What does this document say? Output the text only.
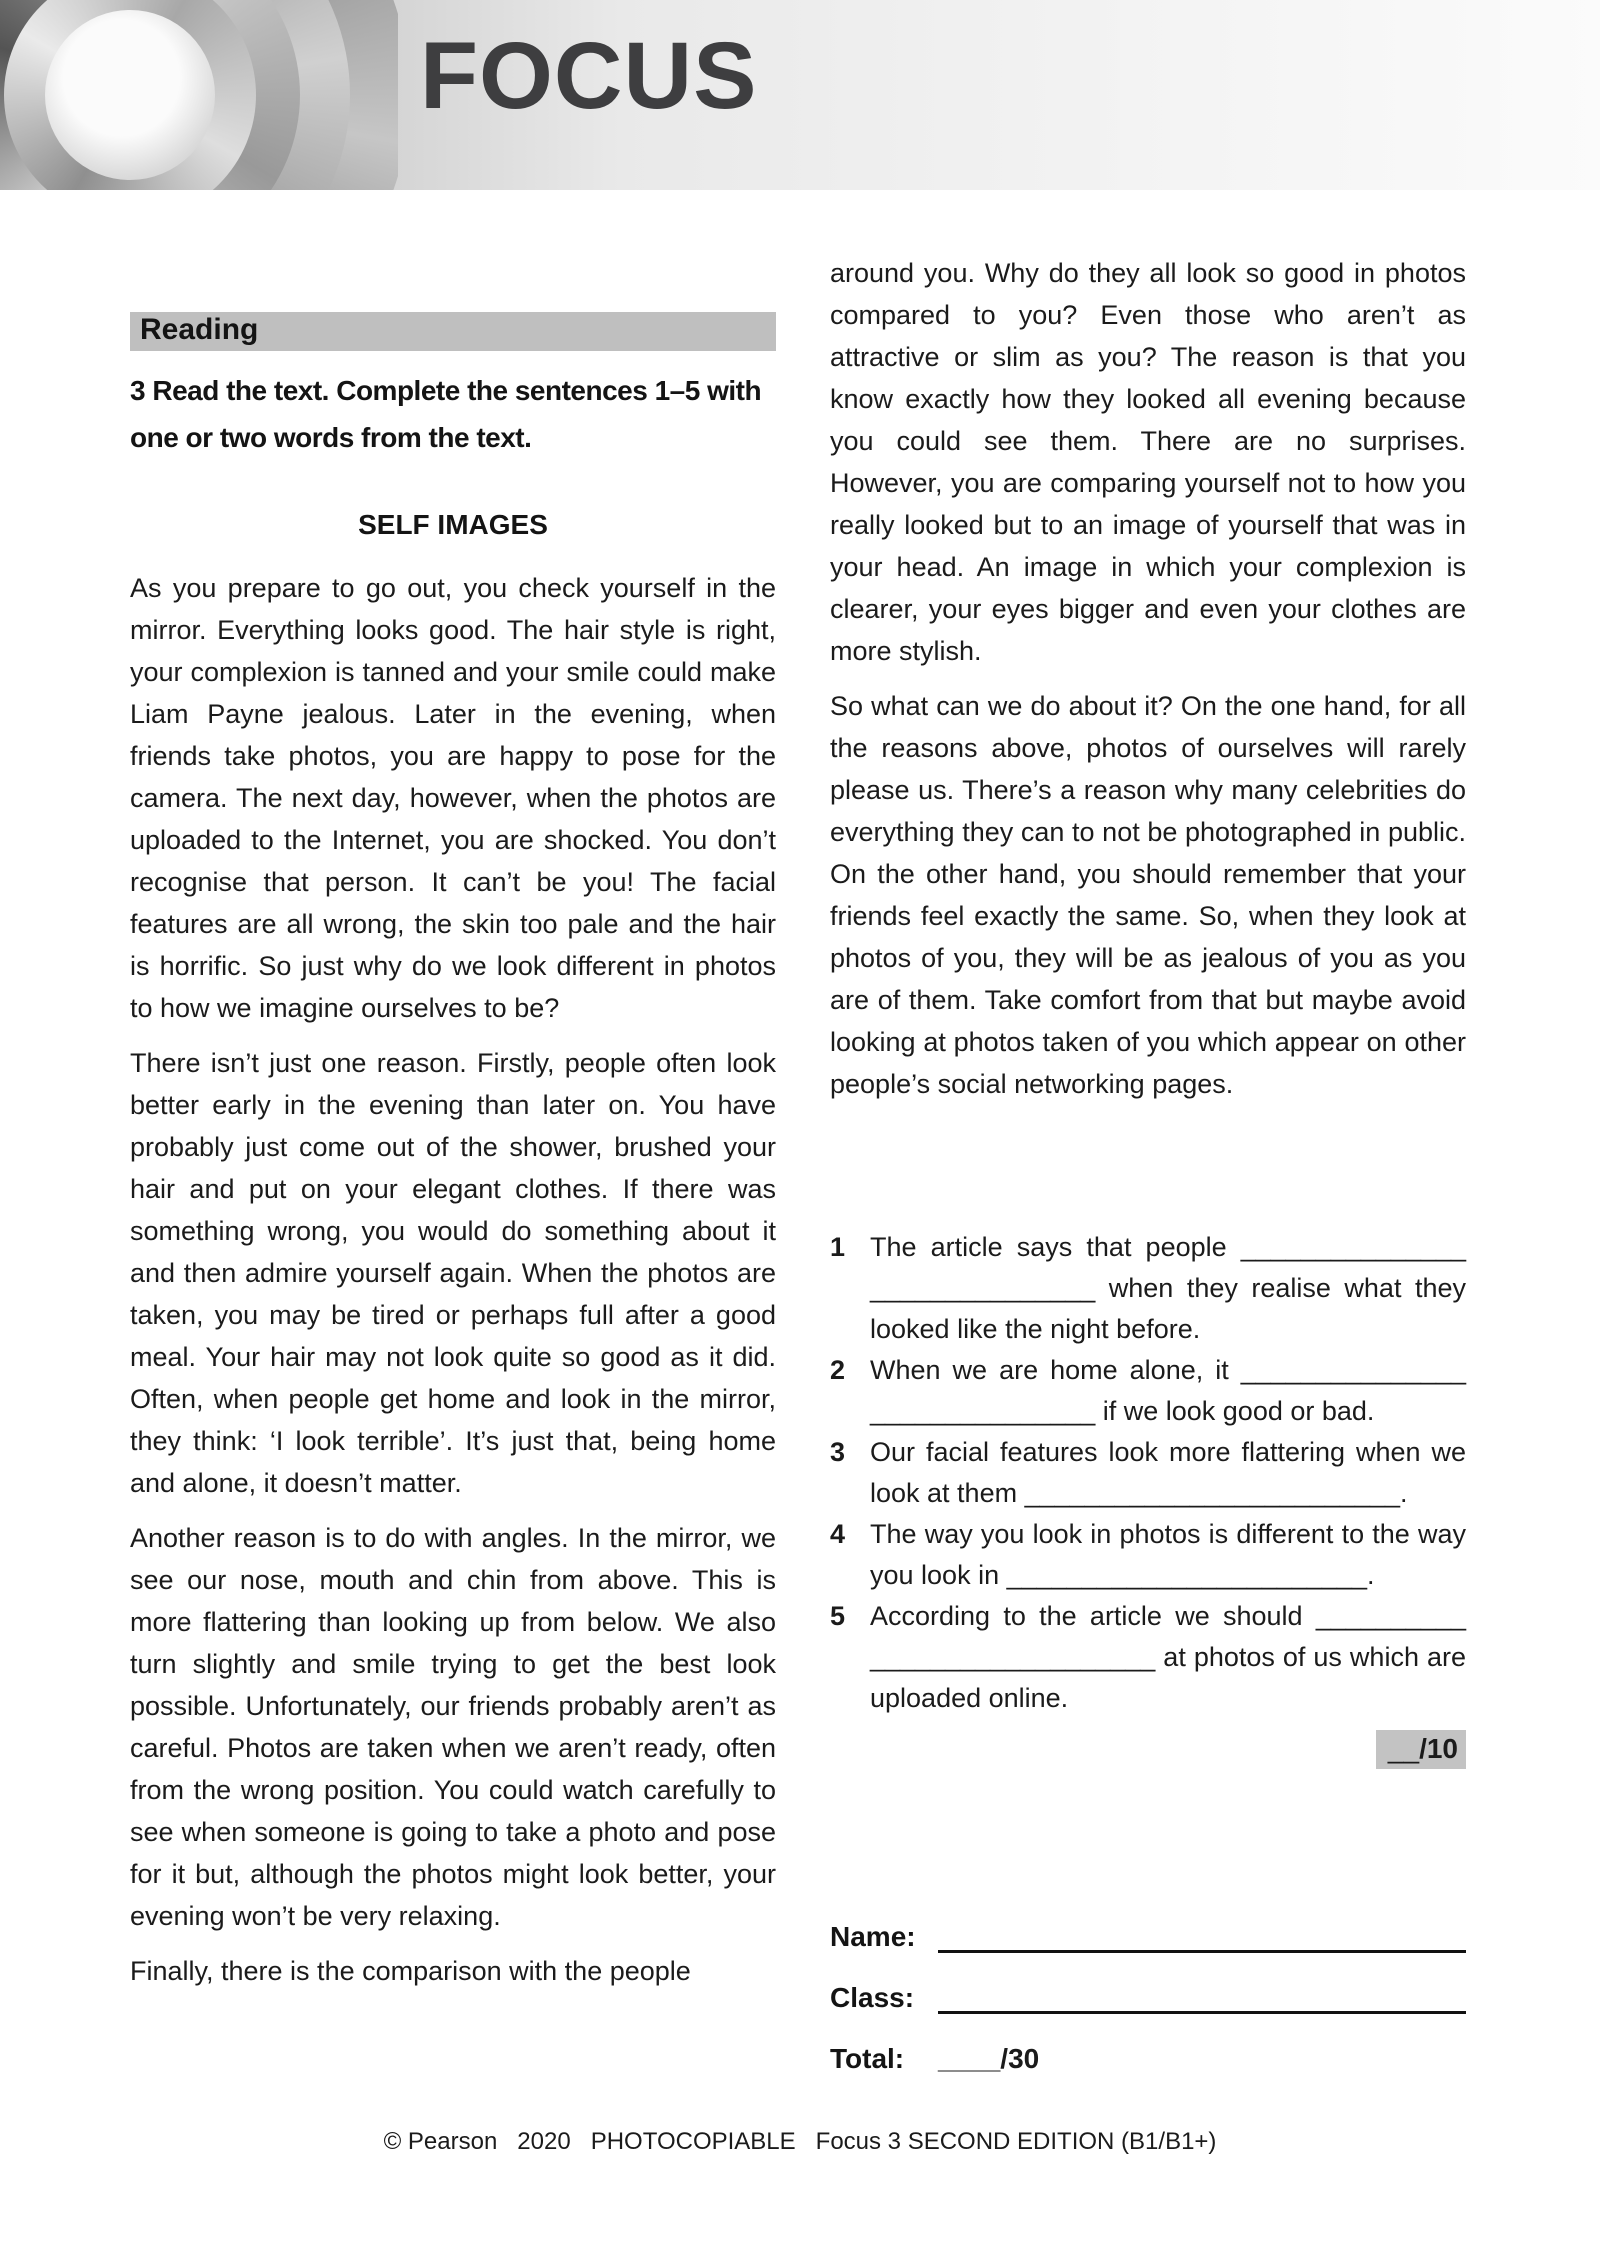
FOCUS
Reading

3 Read the text. Complete the sentences 1–5 with one or two words from the text.

SELF IMAGES

As you prepare to go out, you check yourself in the mirror. Everything looks good. The hair style is right, your complexion is tanned and your smile could make Liam Payne jealous. Later in the evening, when friends take photos, you are happy to pose for the camera. The next day, however, when the photos are uploaded to the Internet, you are shocked. You don’t recognise that person. It can’t be you! The facial features are all wrong, the skin too pale and the hair is horrific. So just why do we look different in photos to how we imagine ourselves to be?

There isn’t just one reason. Firstly, people often look better early in the evening than later on. You have probably just come out of the shower, brushed your hair and put on your elegant clothes. If there was something wrong, you would do something about it and then admire yourself again. When the photos are taken, you may be tired or perhaps full after a good meal. Your hair may not look quite so good as it did. Often, when people get home and look in the mirror, they think: ‘I look terrible’. It’s just that, being home and alone, it doesn’t matter.

Another reason is to do with angles. In the mirror, we see our nose, mouth and chin from above. This is more flattering than looking up from below. We also turn slightly and smile trying to get the best look possible. Unfortunately, our friends probably aren’t as careful. Photos are taken when we aren’t ready, often from the wrong position. You could watch carefully to see when someone is going to take a photo and pose for it but, although the photos might look better, your evening won’t be very relaxing.

Finally, there is the comparison with the people

around you. Why do they all look so good in photos compared to you? Even those who aren’t as attractive or slim as you? The reason is that you know exactly how they looked all evening because you could see them. There are no surprises. However, you are comparing yourself not to how you really looked but to an image of yourself that was in your head. An image in which your complexion is clearer, your eyes bigger and even your clothes are more stylish.

So what can we do about it? On the one hand, for all the reasons above, photos of ourselves will rarely please us. There’s a reason why many celebrities do everything they can to not be photographed in public. On the other hand, you should remember that your friends feel exactly the same. So, when they look at photos of you, they will be as jealous of you as you are of them. Take comfort from that but maybe avoid looking at photos taken of you which appear on other people’s social networking pages.

1 The article says that people _______________ _______________ when they realise what they looked like the night before.
2 When we are home alone, it _______________ _______________ if we look good or bad.
3 Our facial features look more flattering when we look at them _________________________.
4 The way you look in photos is different to the way you look in ________________________.
5 According to the article we should __________ ___________________ at photos of us which are uploaded online.
__/10
Name:
Class:
Total:	____/30
© Pearson   2020   PHOTOCOPIABLE   Focus 3 SECOND EDITION (B1/B1+)
